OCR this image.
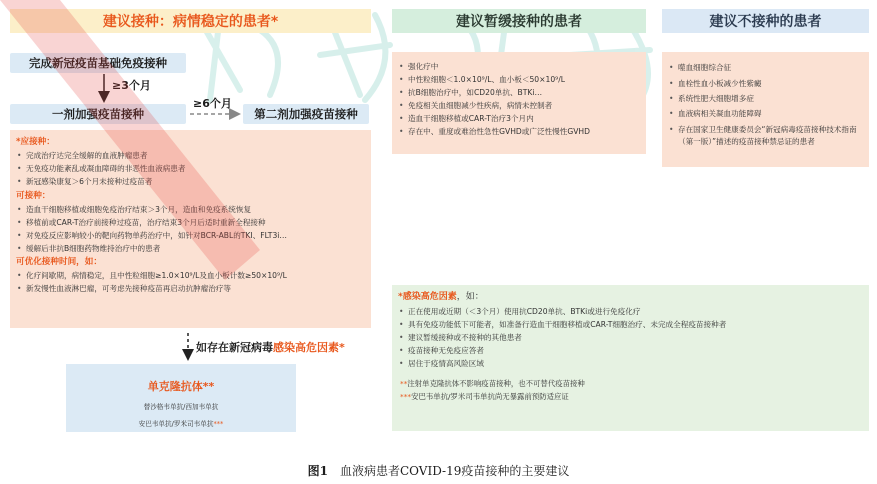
建议接种：病情稳定的患者*	建议暂缓接种的患者	建议不接种的患者
完成新冠疫苗基础免疫接种
一剂加强疫苗接种	第二剂加强疫苗接种
≥3个月
≥6个月
*应接种：
• 完成治疗达完全缓解的血液肿瘤患者
• 无免疫功能紊乱或凝血障碍的非恶性血液病患者
• 新冠感染康复＞6个月未接种过疫苗者
可接种：
• 造血干细胞移植或细胞免疫治疗结束＞3个月，造血和免疫系统恢复
• 移植前或CAR-T治疗前接种过疫苗，治疗结束3个月后适时重新全程接种
• 对免疫反应影响较小的靶向药物单药治疗中，如针对BCR-ABL的TKI、FLT3i…
• 缓解后非抗B细胞药物维持治疗中的患者
可优化接种时间，如：
• 化疗间歇期，病情稳定，且中性粒细胞≥1.0×10⁹/L及血小板计数≥50×10⁹/L
• 新发慢性血液淋巴瘤，可考虑先接种疫苗再启动抗肿瘤治疗等
如存在新冠病毒感染高危因素*
单克隆抗体**
替沙格韦单抗/西加韦单抗
安巴韦单抗/罗米司韦单抗***
• 强化疗中
• 中性粒细胞＜1.0×10⁹/L、血小板＜50×10⁹/L
• 抗B细胞治疗中，如CD20单抗、BTKi…
• 免疫相关血细胞减少性疾病，病情未控制者
• 造血干细胞移植或CAR-T治疗3个月内
• 存在中、重度或难治性急性GVHD或广泛性慢性GVHD
• 噬血细胞综合征
• 血栓性血小板减少性紫癜
• 系统性肥大细胞增多症
• 血液病相关凝血功能障碍
• 存在国家卫生健康委员会“新冠病毒疫苗接种技术指南（第一版）”描述的疫苗接种禁忌证的患者
*感染高危因素，如：
• 正在使用或近期（＜3个月）使用抗CD20单抗、BTKi或进行免疫化疗
• 具有免疫功能低下可能者，如准备行造血干细胞移植或CAR-T细胞治疗、未完成全程疫苗接种者
• 建议暂缓接种或不接种的其他患者
• 疫苗接种无免疫应答者
• 居住于疫情高风险区域
**注射单克隆抗体不影响疫苗接种，也不可替代疫苗接种
***安巴韦单抗/罗米司韦单抗尚无暴露前预防适应证
图1 血液病患者COVID-19疫苗接种的主要建议
